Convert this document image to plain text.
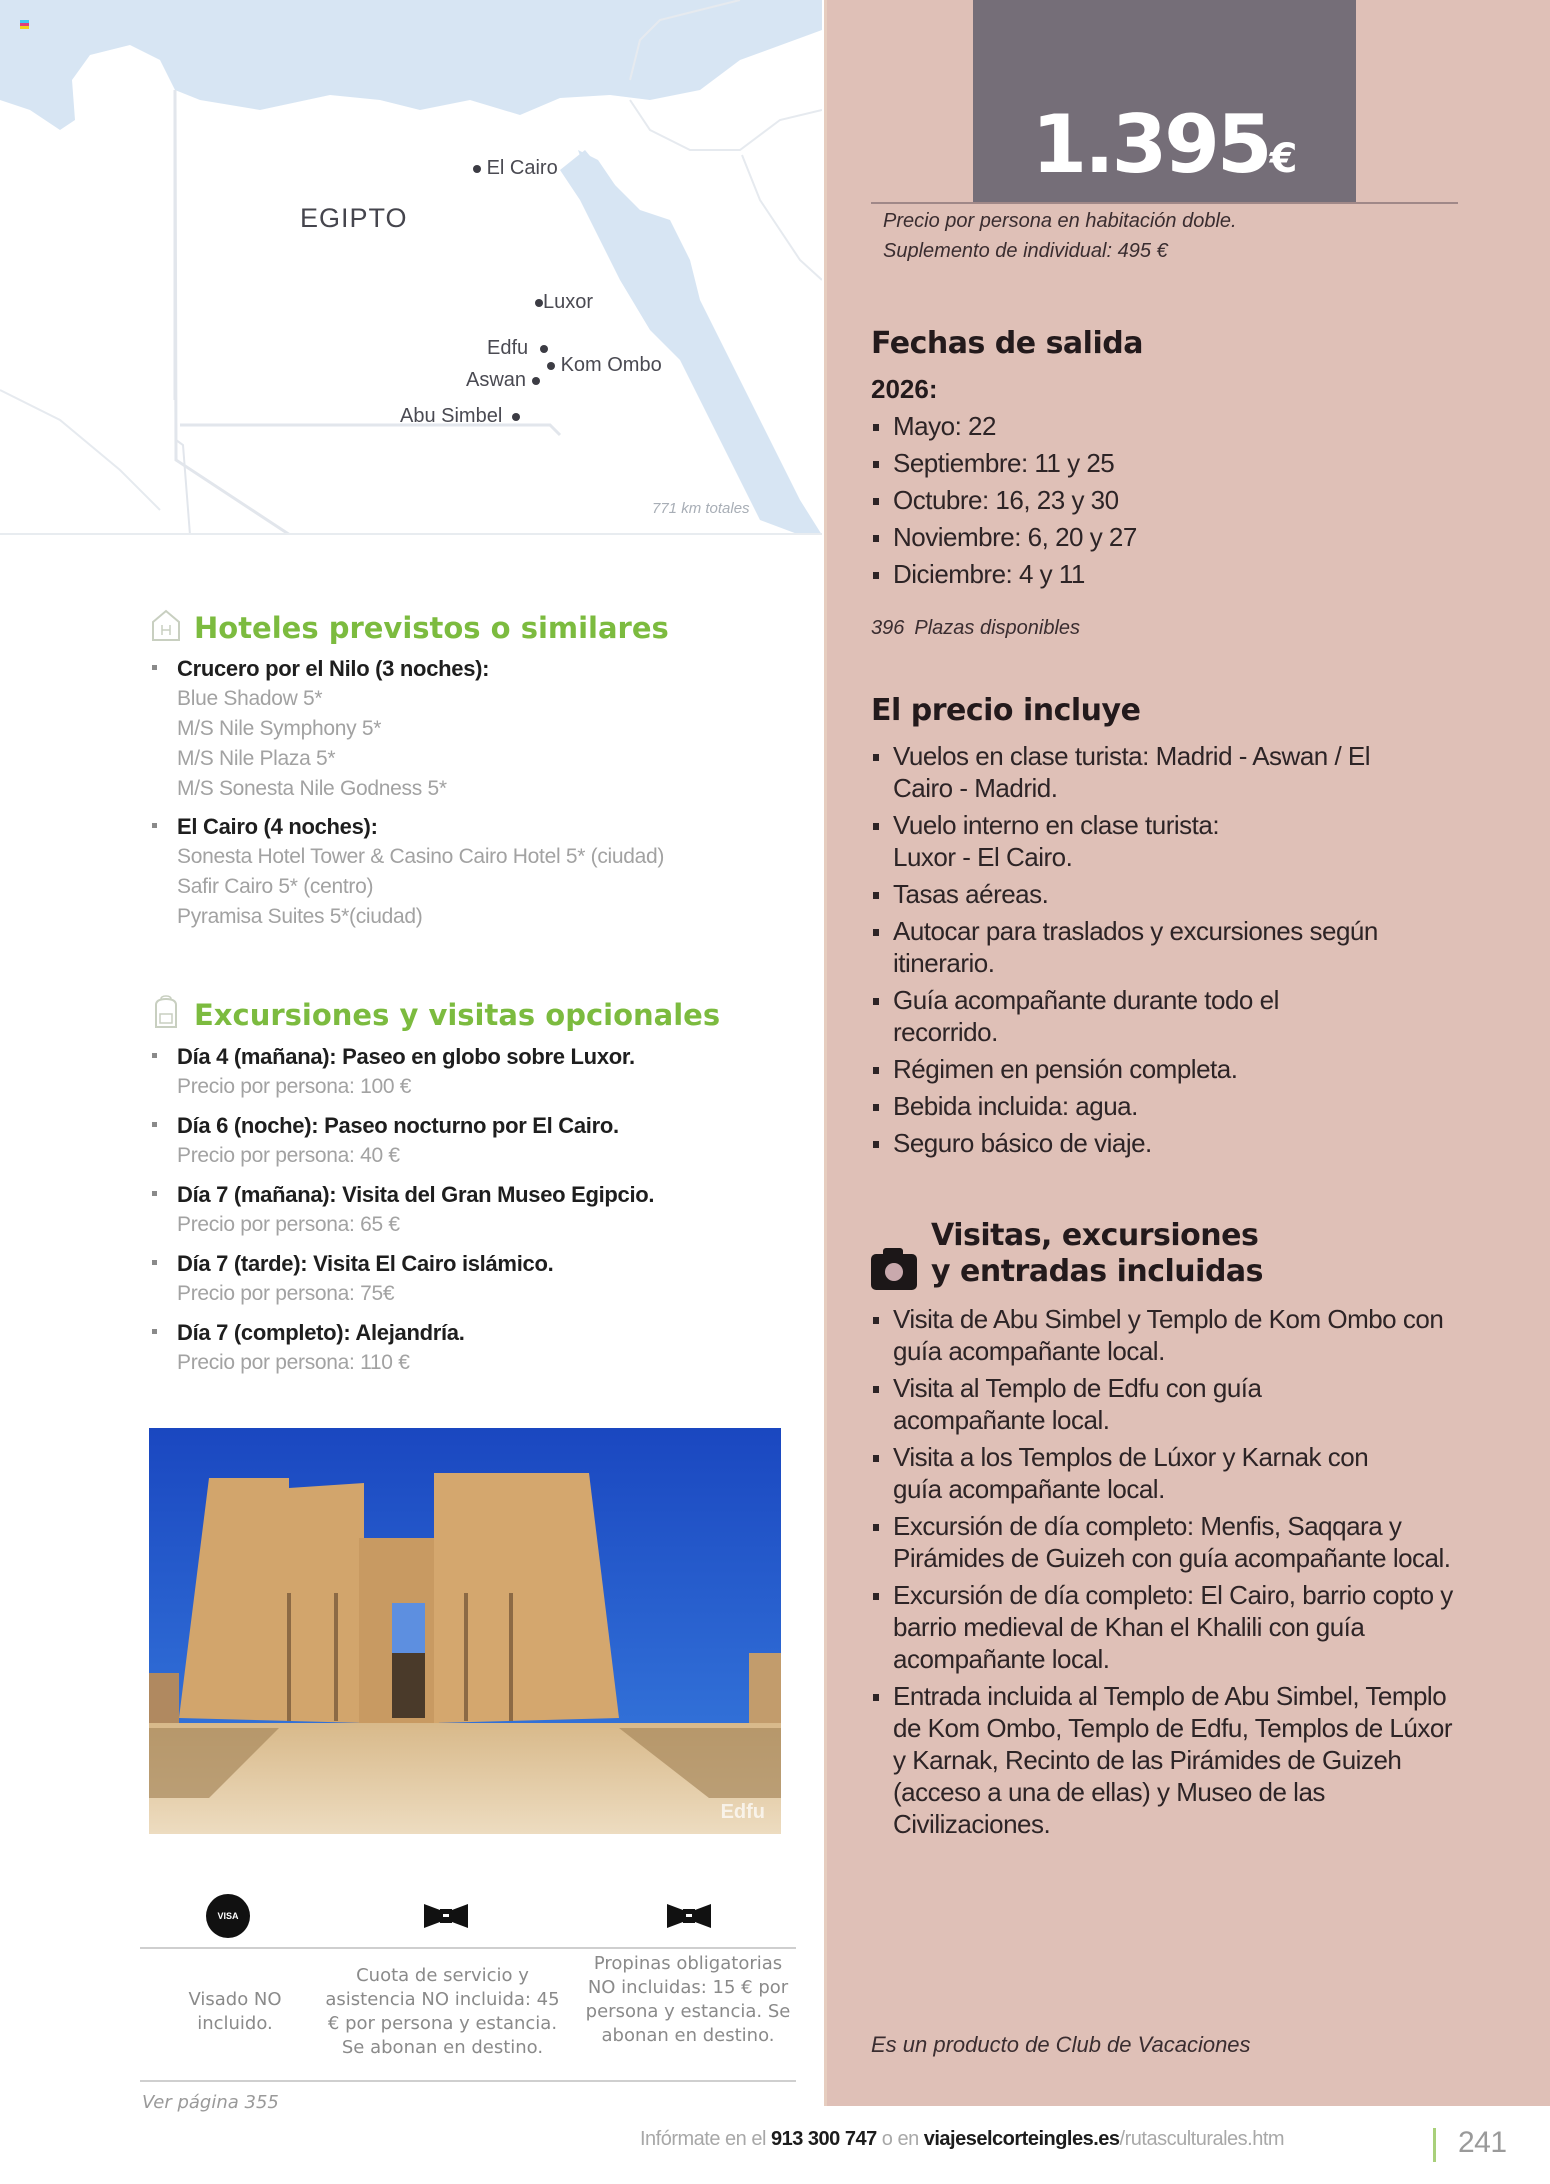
EGIPTO
El Cairo
Luxor
Edfu
Kom Ombo
Aswan
Abu Simbel
771 km totales
1.395€
Precio por persona en habitación doble.
Suplemento de individual: 495 €
Fechas de salida
2026:
Mayo: 22
Septiembre: 11 y 25
Octubre: 16, 23 y 30
Noviembre: 6, 20 y 27
Diciembre: 4 y 11
396 Plazas disponibles
El precio incluye
Vuelos en clase turista: Madrid - Aswan / El Cairo - Madrid.
Vuelo interno en clase turista: Luxor - El Cairo.
Tasas aéreas.
Autocar para traslados y excursiones según itinerario.
Guía acompañante durante todo el recorrido.
Régimen en pensión completa.
Bebida incluida: agua.
Seguro básico de viaje.
Visitas, excursiones
y entradas incluidas
Visita de Abu Simbel y Templo de Kom Ombo con guía acompañante local.
Visita al Templo de Edfu con guía acompañante local.
Visita a los Templos de Lúxor y Karnak con guía acompañante local.
Excursión de día completo: Menfis, Saqqara y Pirámides de Guizeh con guía acompañante local.
Excursión de día completo: El Cairo, barrio copto y barrio medieval de Khan el Khalili con guía acompañante local.
Entrada incluida al Templo de Abu Simbel, Templo de Kom Ombo, Templo de Edfu, Templos de Lúxor y Karnak, Recinto de las Pirámides de Guizeh (acceso a una de ellas) y Museo de las Civilizaciones.
Es un producto de Club de Vacaciones
Hoteles previstos o similares
Crucero por el Nilo (3 noches):
Blue Shadow 5*
M/S Nile Symphony 5*
M/S Nile Plaza 5*
M/S Sonesta Nile Godness 5*
El Cairo (4 noches):
Sonesta Hotel Tower & Casino Cairo Hotel 5* (ciudad)
Safir Cairo 5* (centro)
Pyramisa Suites 5*(ciudad)
Excursiones y visitas opcionales
Día 4 (mañana): Paseo en globo sobre Luxor.
Precio por persona: 100 €
Día 6 (noche): Paseo nocturno por El Cairo.
Precio por persona: 40 €
Día 7 (mañana): Visita del Gran Museo Egipcio.
Precio por persona: 65 €
Día 7 (tarde): Visita El Cairo islámico.
Precio por persona: 75€
Día 7 (completo): Alejandría.
Precio por persona: 110 €
Edfu
VISA
Visado NO incluido.
Cuota de servicio y asistencia NO incluida: 45 € por persona y estancia. Se abonan en destino.
Propinas obligatorias NO incluidas: 15 € por persona y estancia. Se abonan en destino.
Ver página 355
Infórmate en el 913 300 747 o en viajeselcorteingles.es/rutasculturales.htm	241
